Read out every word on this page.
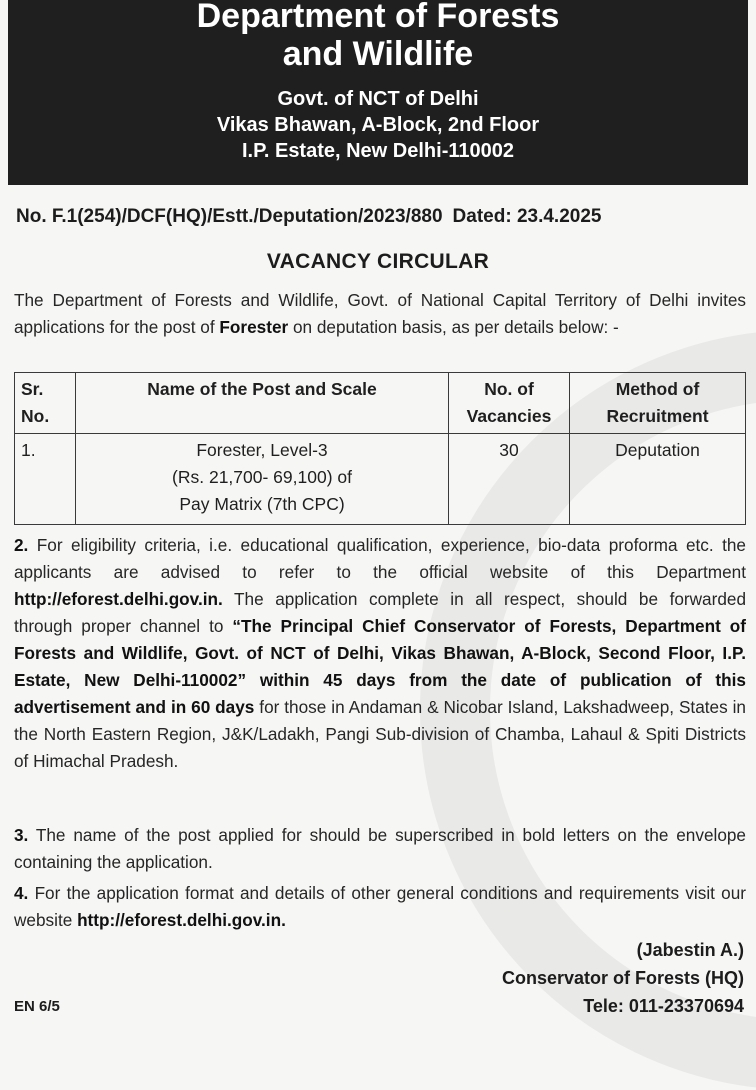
Department of Forests
and Wildlife
Govt. of NCT of Delhi
Vikas Bhawan, A-Block, 2nd Floor
I.P. Estate, New Delhi-110002
No. F.1(254)/DCF(HQ)/Estt./Deputation/2023/880 Dated: 23.4.2025
VACANCY CIRCULAR
The Department of Forests and Wildlife, Govt. of National Capital Territory of Delhi invites applications for the post of Forester on deputation basis, as per details below: -
Sr. No.	Name of the Post and Scale	No. of Vacancies	Method of Recruitment
1.	Forester, Level-3
(Rs. 21,700- 69,100) of
Pay Matrix (7th CPC)	30	Deputation
2. For eligibility criteria, i.e. educational qualification, experience, bio-data proforma etc. the applicants are advised to refer to the official website of this Department http://eforest.delhi.gov.in. The application complete in all respect, should be forwarded through proper channel to “The Principal Chief Conservator of Forests, Department of Forests and Wildlife, Govt. of NCT of Delhi, Vikas Bhawan, A-Block, Second Floor, I.P. Estate, New Delhi-110002” within 45 days from the date of publication of this advertisement and in 60 days for those in Andaman & Nicobar Island, Lakshadweep, States in the North Eastern Region, J&K/Ladakh, Pangi Sub-division of Chamba, Lahaul & Spiti Districts of Himachal Pradesh.
3. The name of the post applied for should be superscribed in bold letters on the envelope containing the application.
4. For the application format and details of other general conditions and requirements visit our website http://eforest.delhi.gov.in.
(Jabestin A.)
Conservator of Forests (HQ)
Tele: 011-23370694
EN 6/5
